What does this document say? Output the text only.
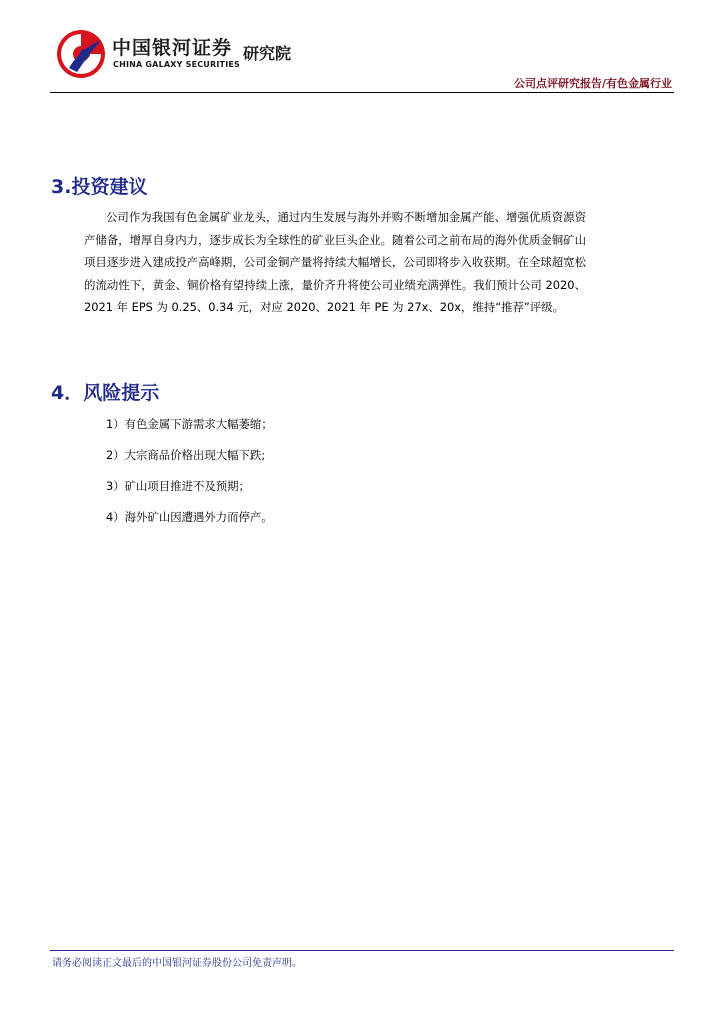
中国银河证券
CHINA GALAXY SECURITIES
研究院
公司点评研究报告/有色金属行业
3.投资建议

公司作为我国有色金属矿业龙头，通过内生发展与海外并购不断增加金属产能、增强优质资源资产储备，增厚自身内力，逐步成长为全球性的矿业巨头企业。随着公司之前布局的海外优质金铜矿山项目逐步进入建成投产高峰期，公司金铜产量将持续大幅增长，公司即将步入收获期。在全球超宽松的流动性下，黄金、铜价格有望持续上涨，量价齐升将使公司业绩充满弹性。我们预计公司 2020、2021 年 EPS 为 0.25、0.34 元，对应 2020、2021 年 PE 为 27x、20x，维持“推荐”评级。

4．风险提示
1）有色金属下游需求大幅萎缩；
2）大宗商品价格出现大幅下跌;
3）矿山项目推进不及预期；
4）海外矿山因遭遇外力而停产。
请务必阅读正文最后的中国银河证券股份公司免责声明。
